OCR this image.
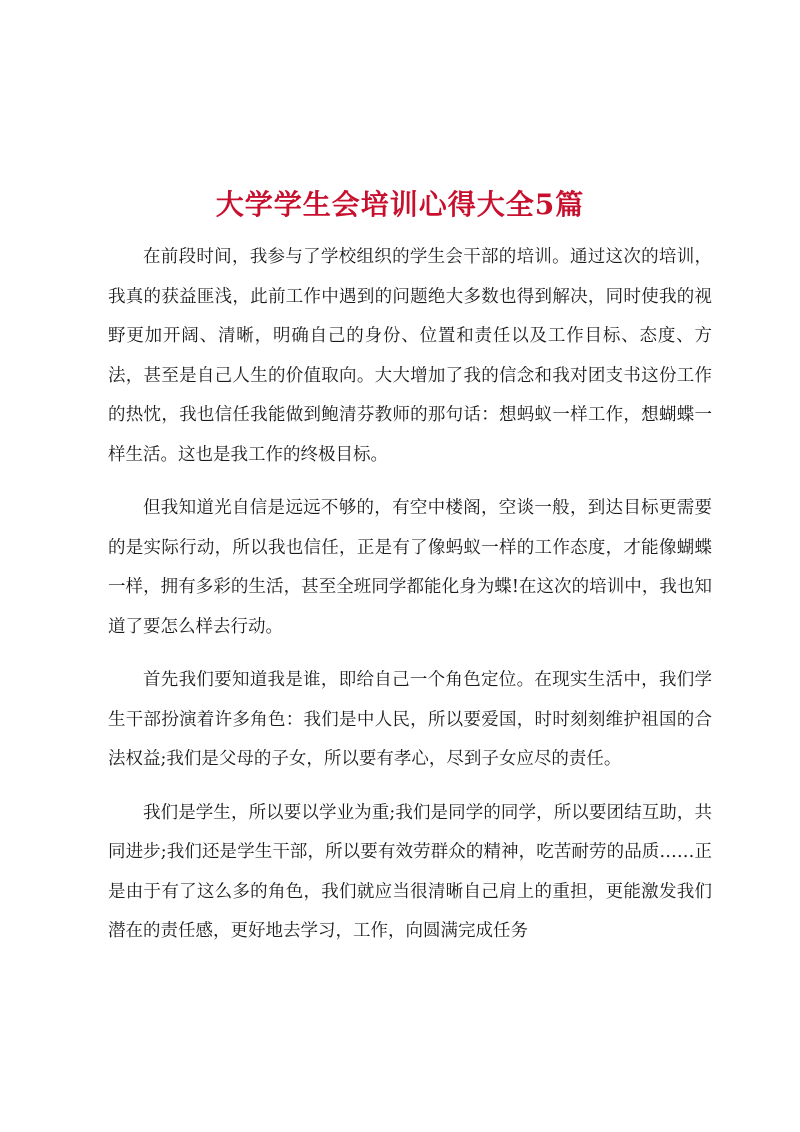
大学学生会培训心得大全5篇

在前段时间，我参与了学校组织的学生会干部的培训。通过这次的培训，我真的获益匪浅，此前工作中遇到的问题绝大多数也得到解决，同时使我的视野更加开阔、清晰，明确自己的身份、位置和责任以及工作目标、态度、方法，甚至是自己人生的价值取向。大大增加了我的信念和我对团支书这份工作的热忱，我也信任我能做到鲍清芬教师的那句话：想蚂蚁一样工作，想蝴蝶一样生活。这也是我工作的终极目标。

但我知道光自信是远远不够的，有空中楼阁，空谈一般，到达目标更需要的是实际行动，所以我也信任，正是有了像蚂蚁一样的工作态度，才能像蝴蝶一样，拥有多彩的生活，甚至全班同学都能化身为蝶!在这次的培训中，我也知道了要怎么样去行动。

首先我们要知道我是谁，即给自己一个角色定位。在现实生活中，我们学生干部扮演着许多角色：我们是中人民，所以要爱国，时时刻刻维护祖国的合法权益;我们是父母的子女，所以要有孝心，尽到子女应尽的责任。

我们是学生，所以要以学业为重;我们是同学的同学，所以要团结互助，共同进步;我们还是学生干部，所以要有效劳群众的精神，吃苦耐劳的品质……正是由于有了这么多的角色，我们就应当很清晰自己肩上的重担，更能激发我们潜在的责任感，更好地去学习，工作，向圆满完成任务
